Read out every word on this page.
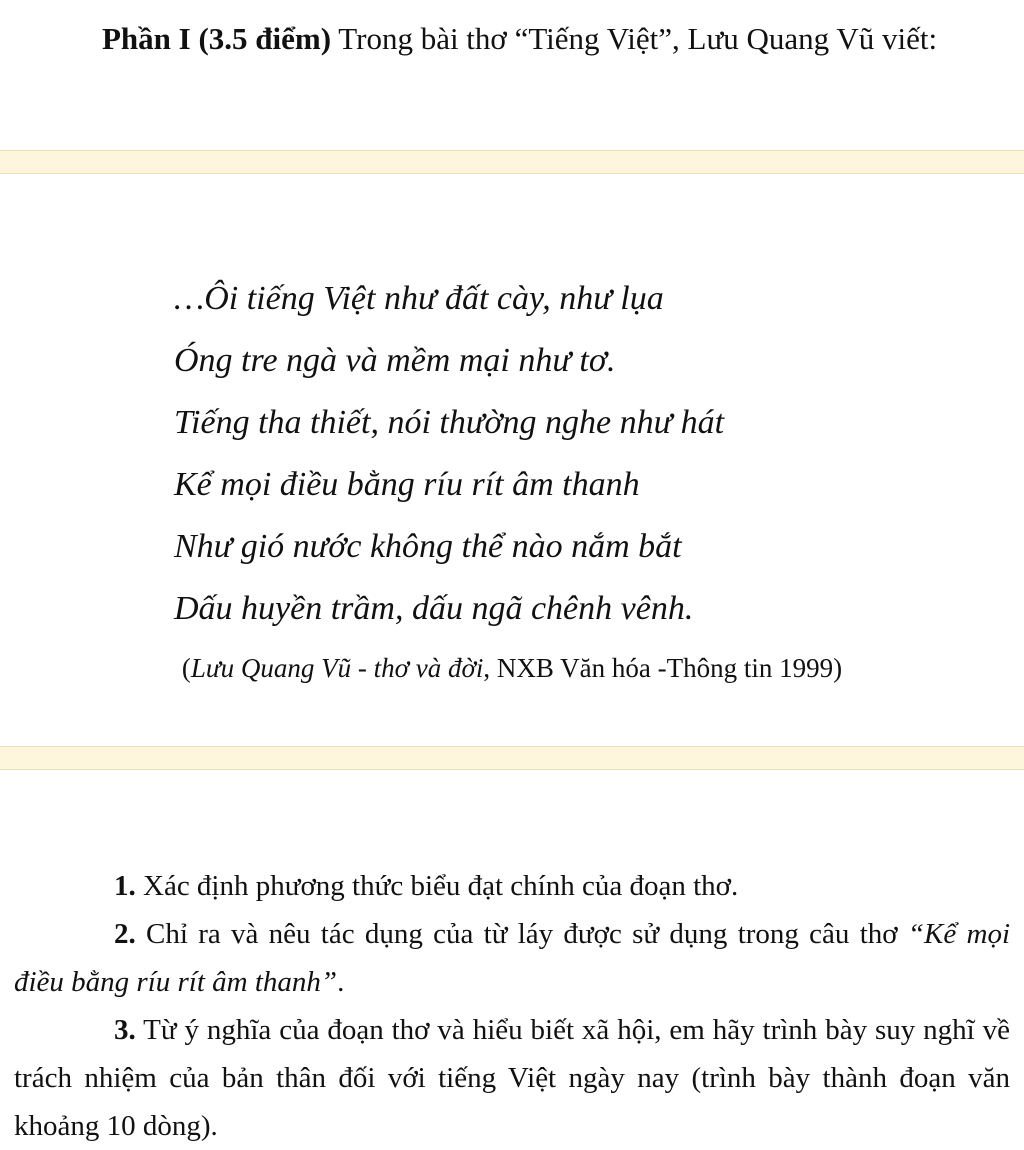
Phần I (3.5 điểm) Trong bài thơ “Tiếng Việt”, Lưu Quang Vũ viết:

…Ôi tiếng Việt như đất cày, như lụa
Óng tre ngà và mềm mại như tơ.
Tiếng tha thiết, nói thường nghe như hát
Kể mọi điều bằng ríu rít âm thanh
Như gió nước không thể nào nắm bắt
Dấu huyền trầm, dấu ngã chênh vênh.

(Lưu Quang Vũ - thơ và đời, NXB Văn hóa -Thông tin 1999)

1. Xác định phương thức biểu đạt chính của đoạn thơ.

2. Chỉ ra và nêu tác dụng của từ láy được sử dụng trong câu thơ “Kể mọi điều bằng ríu rít âm thanh”.

3. Từ ý nghĩa của đoạn thơ và hiểu biết xã hội, em hãy trình bày suy nghĩ về trách nhiệm của bản thân đối với tiếng Việt ngày nay (trình bày thành đoạn văn khoảng 10 dòng).
